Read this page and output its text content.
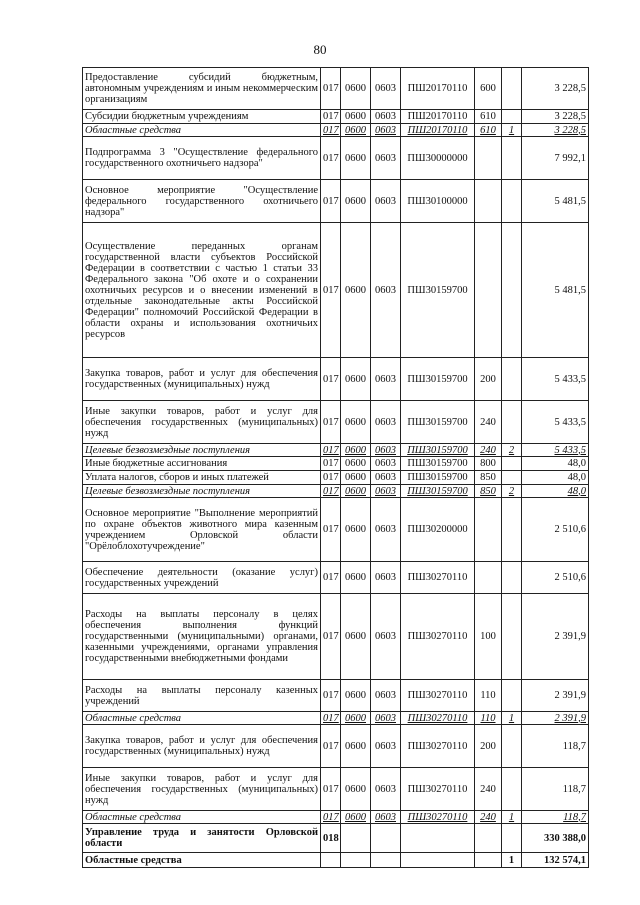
80
Предоставление субсидий бюджетным, автономным учреждениям и иным некоммерческим организациям	017	0600	0603	ПШ20170110	600		3 228,5
Субсидии бюджетным учреждениям	017	0600	0603	ПШ20170110	610		3 228,5
Областные средства	017	0600	0603	ПШ20170110	610	1	3 228,5
Подпрограмма 3 "Осуществление федерального государственного охотничьего надзора"	017	0600	0603	ПШ30000000			7 992,1
Основное мероприятие "Осуществление федерального государственного охотничьего надзора"	017	0600	0603	ПШ30100000			5 481,5
Осуществление переданных органам государственной власти субъектов Российской Федерации в соответствии с частью 1 статьи 33 Федерального закона "Об охоте и о сохранении охотничьих ресурсов и о внесении изменений в отдельные законодательные акты Российской Федерации" полномочий Российской Федерации в области охраны и использования охотничьих ресурсов	017	0600	0603	ПШ30159700			5 481,5
Закупка товаров, работ и услуг для обеспечения государственных (муниципальных) нужд	017	0600	0603	ПШ30159700	200		5 433,5
Иные закупки товаров, работ и услуг для обеспечения государственных (муниципальных) нужд	017	0600	0603	ПШ30159700	240		5 433,5
Целевые безвозмездные поступления	017	0600	0603	ПШ30159700	240	2	5 433,5
Иные бюджетные ассигнования	017	0600	0603	ПШ30159700	800		48,0
Уплата налогов, сборов и иных платежей	017	0600	0603	ПШ30159700	850		48,0
Целевые безвозмездные поступления	017	0600	0603	ПШ30159700	850	2	48,0
Основное мероприятие "Выполнение мероприятий по охране объектов животного мира казенным учреждением Орловской области "Орёлоблохотучреждение"	017	0600	0603	ПШ30200000			2 510,6
Обеспечение деятельности (оказание услуг) государственных учреждений	017	0600	0603	ПШ30270110			2 510,6
Расходы на выплаты персоналу в целях обеспечения выполнения функций государственными (муниципальными) органами, казенными учреждениями, органами управления государственными внебюджетными фондами	017	0600	0603	ПШ30270110	100		2 391,9
Расходы на выплаты персоналу казенных учреждений	017	0600	0603	ПШ30270110	110		2 391,9
Областные средства	017	0600	0603	ПШ30270110	110	1	2 391,9
Закупка товаров, работ и услуг для обеспечения государственных (муниципальных) нужд	017	0600	0603	ПШ30270110	200		118,7
Иные закупки товаров, работ и услуг для обеспечения государственных (муниципальных) нужд	017	0600	0603	ПШ30270110	240		118,7
Областные средства	017	0600	0603	ПШ30270110	240	1	118,7
Управление труда и занятости Орловской области	018						330 388,0
Областные средства						1	132 574,1
